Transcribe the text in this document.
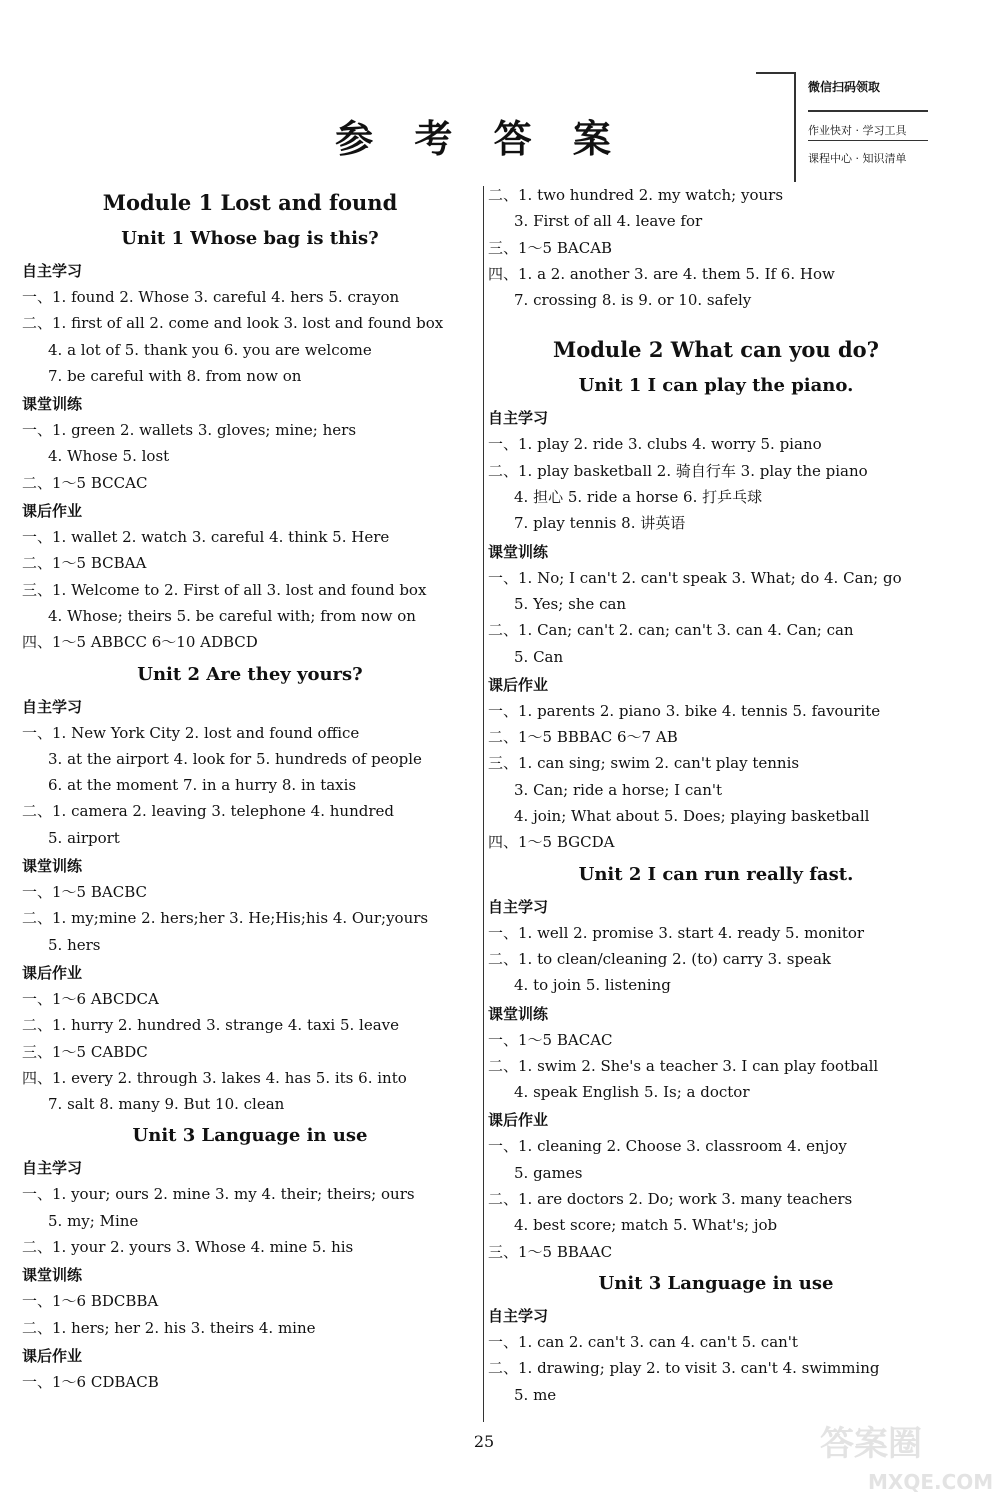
参 考 答 案
微信扫码领取
作业快对 · 学习工具
课程中心 · 知识清单
Module 1 Lost and found
Unit 1 Whose bag is this?
自主学习
一、1. found 2. Whose 3. careful 4. hers 5. crayon
二、1. first of all 2. come and look 3. lost and found box
4. a lot of 5. thank you 6. you are welcome
7. be careful with 8. from now on
课堂训练
一、1. green 2. wallets 3. gloves; mine; hers
4. Whose 5. lost
二、1～5 BCCAC
课后作业
一、1. wallet 2. watch 3. careful 4. think 5. Here
二、1～5 BCBAA
三、1. Welcome to 2. First of all 3. lost and found box
4. Whose; theirs 5. be careful with; from now on
四、1～5 ABBCC 6～10 ADBCD
Unit 2 Are they yours?
自主学习
一、1. New York City 2. lost and found office
3. at the airport 4. look for 5. hundreds of people
6. at the moment 7. in a hurry 8. in taxis
二、1. camera 2. leaving 3. telephone 4. hundred
5. airport
课堂训练
一、1～5 BACBC
二、1. my;mine 2. hers;her 3. He;His;his 4. Our;yours
5. hers
课后作业
一、1～6 ABCDCA
二、1. hurry 2. hundred 3. strange 4. taxi 5. leave
三、1～5 CABDC
四、1. every 2. through 3. lakes 4. has 5. its 6. into
7. salt 8. many 9. But 10. clean
Unit 3 Language in use
自主学习
一、1. your; ours 2. mine 3. my 4. their; theirs; ours
5. my; Mine
二、1. your 2. yours 3. Whose 4. mine 5. his
课堂训练
一、1～6 BDCBBA
二、1. hers; her 2. his 3. theirs 4. mine
课后作业
一、1～6 CDBACB
二、1. two hundred 2. my watch; yours
3. First of all 4. leave for
三、1～5 BACAB
四、1. a 2. another 3. are 4. them 5. If 6. How
7. crossing 8. is 9. or 10. safely
Module 2 What can you do?
Unit 1 I can play the piano.
自主学习
一、1. play 2. ride 3. clubs 4. worry 5. piano
二、1. play basketball 2. 骑自行车 3. play the piano
4. 担心 5. ride a horse 6. 打乒乓球
7. play tennis 8. 讲英语
课堂训练
一、1. No; I can't 2. can't speak 3. What; do 4. Can; go
5. Yes; she can
二、1. Can; can't 2. can; can't 3. can 4. Can; can
5. Can
课后作业
一、1. parents 2. piano 3. bike 4. tennis 5. favourite
二、1～5 BBBAC 6～7 AB
三、1. can sing; swim 2. can't play tennis
3. Can; ride a horse; I can't
4. join; What about 5. Does; playing basketball
四、1～5 BGCDA
Unit 2 I can run really fast.
自主学习
一、1. well 2. promise 3. start 4. ready 5. monitor
二、1. to clean/cleaning 2. (to) carry 3. speak
4. to join 5. listening
课堂训练
一、1～5 BACAC
二、1. swim 2. She's a teacher 3. I can play football
4. speak English 5. Is; a doctor
课后作业
一、1. cleaning 2. Choose 3. classroom 4. enjoy
5. games
二、1. are doctors 2. Do; work 3. many teachers
4. best score; match 5. What's; job
三、1～5 BBAAC
Unit 3 Language in use
自主学习
一、1. can 2. can't 3. can 4. can't 5. can't
二、1. drawing; play 2. to visit 3. can't 4. swimming
5. me
25	答案圈
MXQE.COM
